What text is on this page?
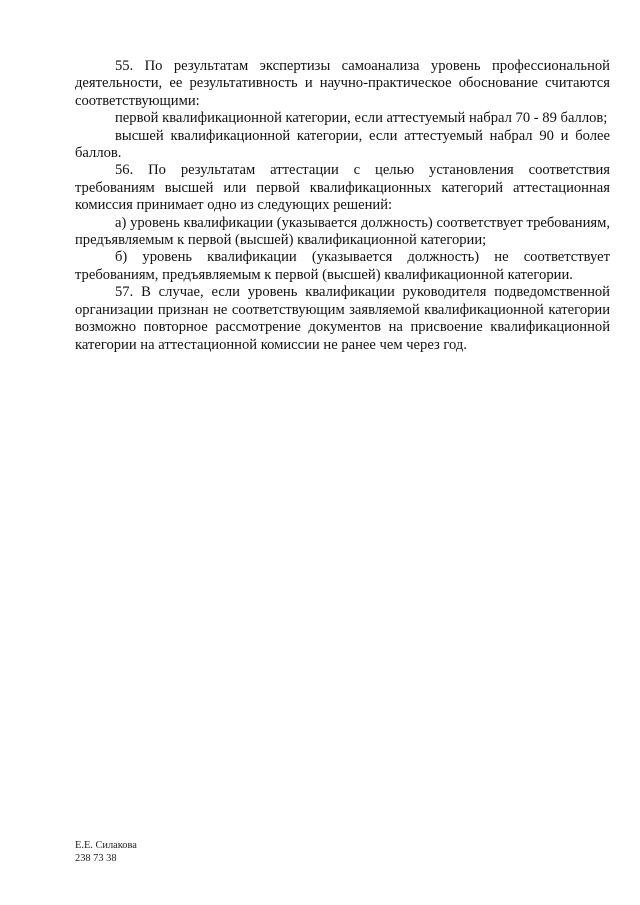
55. По результатам экспертизы самоанализа уровень профессиональной деятельности, ее результативность и научно-практическое обоснование считаются соответствующими:

первой квалификационной категории, если аттестуемый набрал 70 - 89 баллов;

высшей квалификационной категории, если аттестуемый набрал 90 и более баллов.

56. По результатам аттестации с целью установления соответствия требованиям высшей или первой квалификационных категорий аттестационная комиссия принимает одно из следующих решений:

а) уровень квалификации (указывается должность) соответствует требованиям, предъявляемым к первой (высшей) квалификационной категории;

б) уровень квалификации (указывается должность) не соответствует требованиям, предъявляемым к первой (высшей) квалификационной категории.

57. В случае, если уровень квалификации руководителя подведомственной организации признан не соответствующим заявляемой квалификационной категории возможно повторное рассмотрение документов на присвоение квалификационной категории на аттестационной комиссии не ранее чем через год.

Е.Е. Силакова
238 73 38
